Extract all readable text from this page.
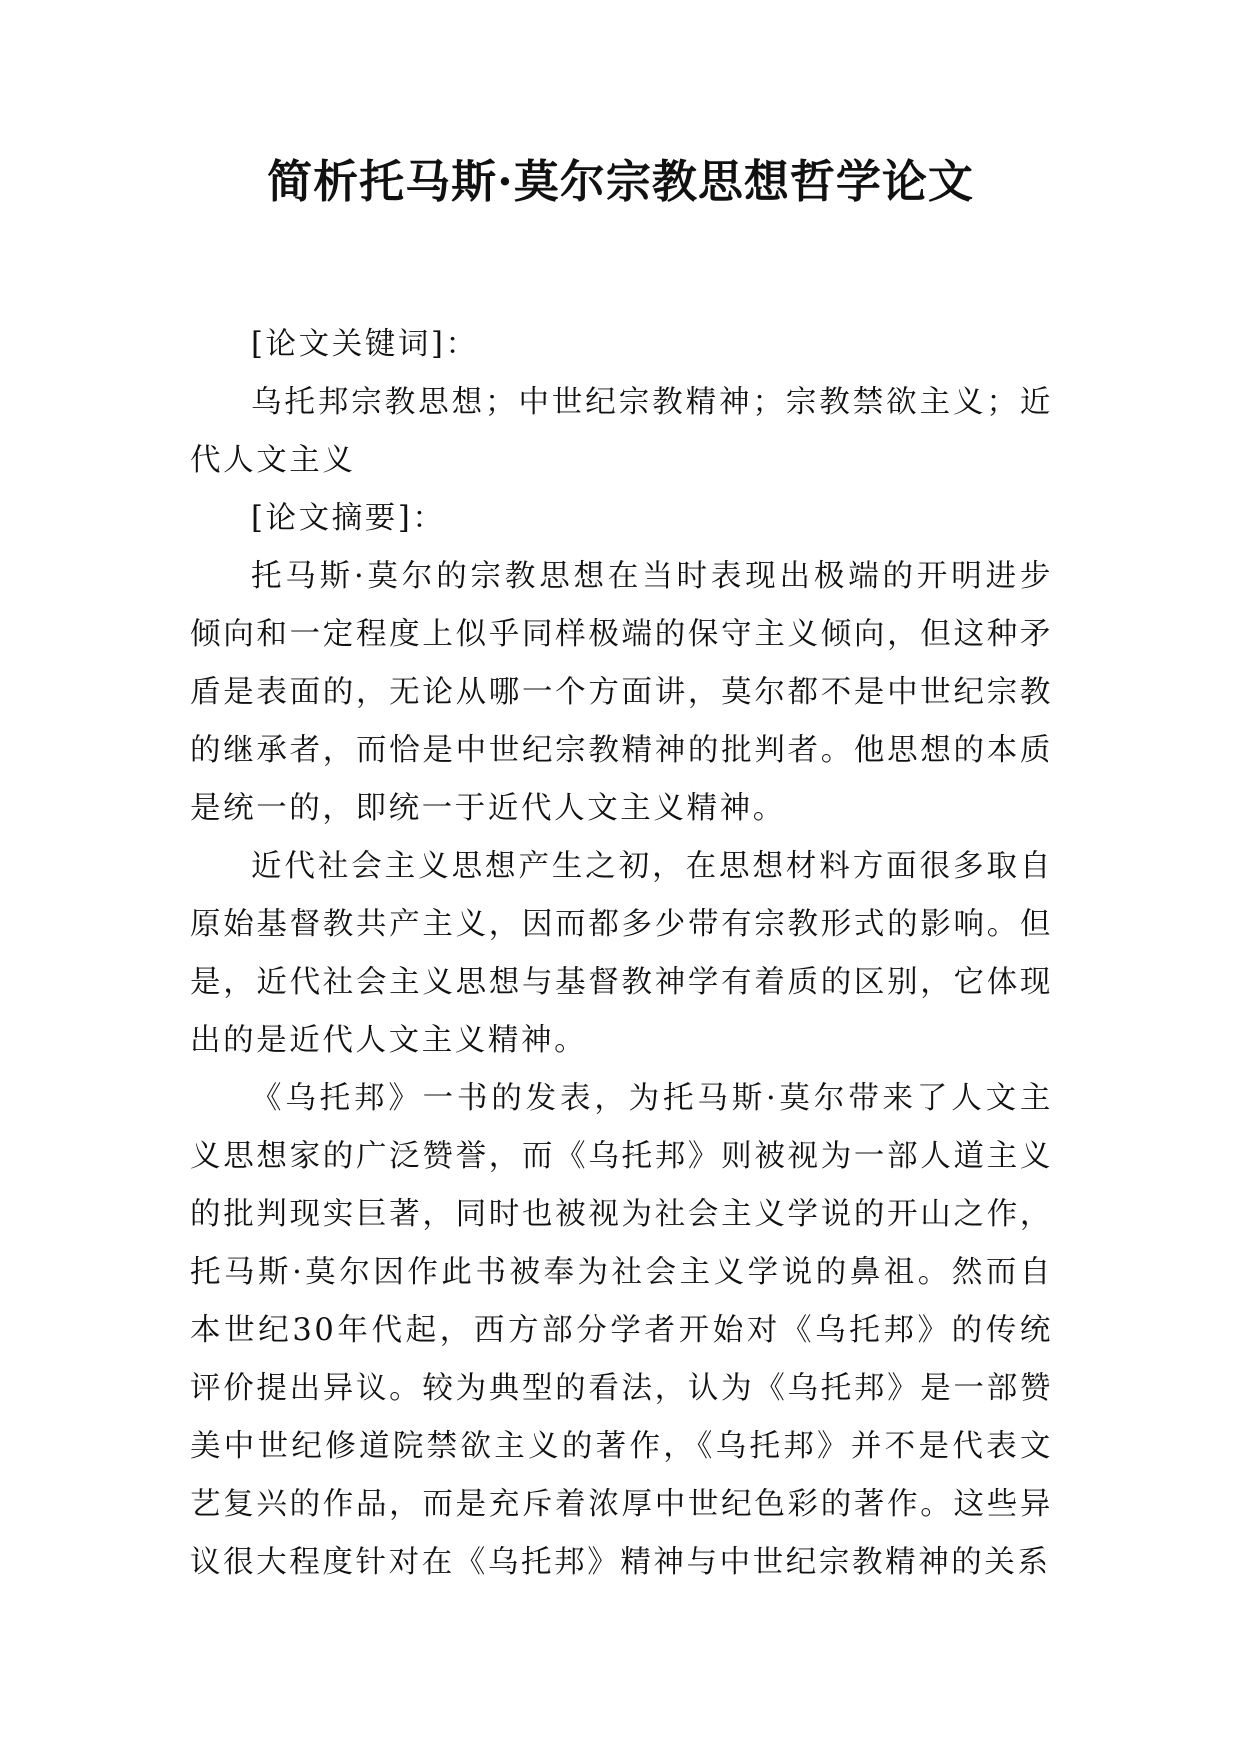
简析托马斯·莫尔宗教思想哲学论文

[论文关键词]：

乌托邦宗教思想；中世纪宗教精神；宗教禁欲主义；近代人文主义

[论文摘要]：

托马斯·莫尔的宗教思想在当时表现出极端的开明进步倾向和一定程度上似乎同样极端的保守主义倾向，但这种矛盾是表面的，无论从哪一个方面讲，莫尔都不是中世纪宗教的继承者，而恰是中世纪宗教精神的批判者。他思想的本质是统一的，即统一于近代人文主义精神。

近代社会主义思想产生之初，在思想材料方面很多取自原始基督教共产主义，因而都多少带有宗教形式的影响。但是，近代社会主义思想与基督教神学有着质的区别，它体现出的是近代人文主义精神。

《乌托邦》一书的发表，为托马斯·莫尔带来了人文主义思想家的广泛赞誉，而《乌托邦》则被视为一部人道主义的批判现实巨著，同时也被视为社会主义学说的开山之作，托马斯·莫尔因作此书被奉为社会主义学说的鼻祖。然而自本世纪30年代起，西方部分学者开始对《乌托邦》的传统评价提出异议。较为典型的看法，认为《乌托邦》是一部赞美中世纪修道院禁欲主义的著作，《乌托邦》并不是代表文艺复兴的作品，而是充斥着浓厚中世纪色彩的著作。这些异议很大程度针对在《乌托邦》精神与中世纪宗教精神的关系
